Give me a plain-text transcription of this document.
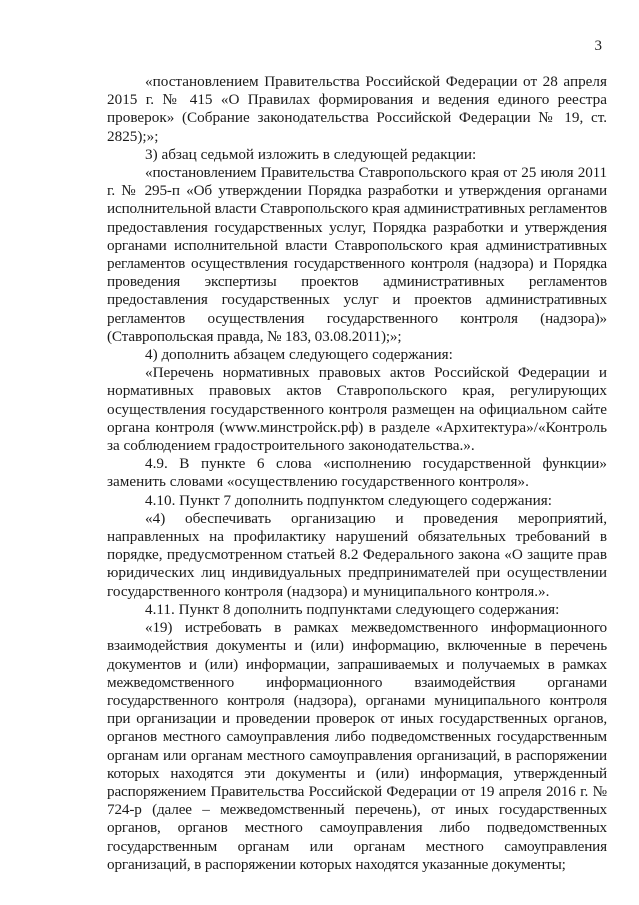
3

«постановлением Правительства Российской Федерации от 28 апреля 2015 г. № 415 «О Правилах формирования и ведения единого реестра проверок» (Собрание законодательства Российской Федерации № 19, ст. 2825);»;

3) абзац седьмой изложить в следующей редакции:

«постановлением Правительства Ставропольского края от 25 июля 2011 г. № 295-п «Об утверждении Порядка разработки и утверждения органами исполнительной власти Ставропольского края административных регламентов предоставления государственных услуг, Порядка разработки и утверждения органами исполнительной власти Ставропольского края административных регламентов осуществления государственного контроля (надзора) и Порядка проведения экспертизы проектов административных регламентов предоставления государственных услуг и проектов административных регламентов осуществления государственного контроля (надзора)» (Ставропольская правда, № 183, 03.08.2011);»;

4) дополнить абзацем следующего содержания:

«Перечень нормативных правовых актов Российской Федерации и нормативных правовых актов Ставропольского края, регулирующих осуществления государственного контроля размещен на официальном сайте органа контроля (www.минстройск.рф) в разделе «Архитектура»/«Контроль за соблюдением градостроительного законодательства.».

4.9. В пункте 6 слова «исполнению государственной функции» заменить словами «осуществлению государственного контроля».

4.10. Пункт 7 дополнить подпунктом следующего содержания:

«4) обеспечивать организацию и проведения мероприятий, направленных на профилактику нарушений обязательных требований в порядке, предусмотренном статьей 8.2 Федерального закона «О защите прав юридических лиц индивидуальных предпринимателей при осуществлении государственного контроля (надзора) и муниципального контроля.».

4.11. Пункт 8 дополнить подпунктами следующего содержания:

«19) истребовать в рамках межведомственного информационного взаимодействия документы и (или) информацию, включенные в перечень документов и (или) информации, запрашиваемых и получаемых в рамках межведомственного информационного взаимодействия органами государственного контроля (надзора), органами муниципального контроля при организации и проведении проверок от иных государственных органов, органов местного самоуправления либо подведомственных государственным органам или органам местного самоуправления организаций, в распоряжении которых находятся эти документы и (или) информация, утвержденный распоряжением Правительства Российской Федерации от 19 апреля 2016 г. № 724-р (далее – межведомственный перечень), от иных государственных органов, органов местного самоуправления либо подведомственных государственным органам или органам местного самоуправления организаций, в распоряжении которых находятся указанные документы;
